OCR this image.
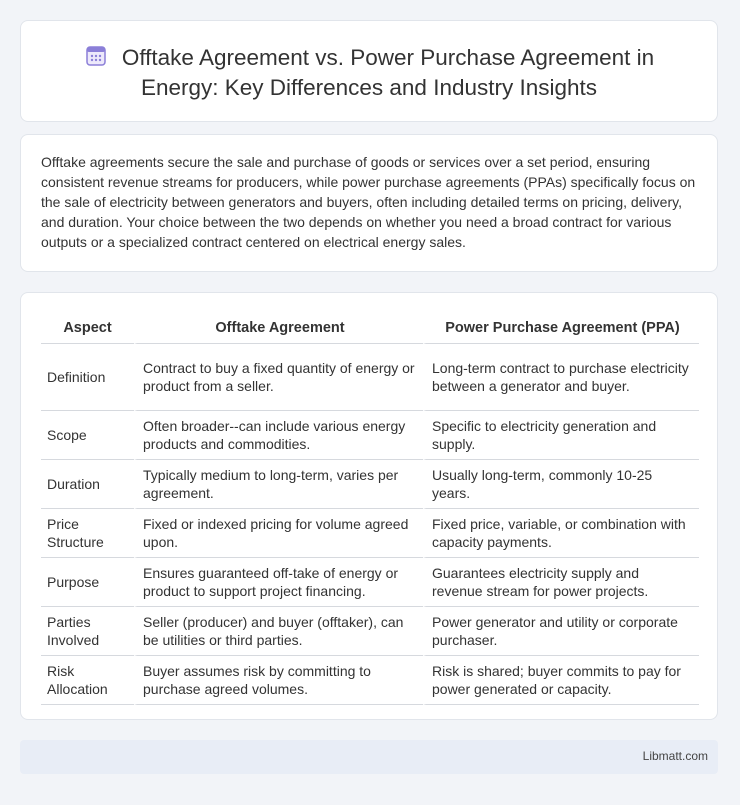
Offtake Agreement vs. Power Purchase Agreement in
Energy: Key Differences and Industry Insights

Offtake agreements secure the sale and purchase of goods or services over a set period, ensuring consistent revenue streams for producers, while power purchase agreements (PPAs) specifically focus on the sale of electricity between generators and buyers, often including detailed terms on pricing, delivery, and duration. Your choice between the two depends on whether you need a broad contract for various outputs or a specialized contract centered on electrical energy sales.

Aspect	Offtake Agreement	Power Purchase Agreement (PPA)
Definition	Contract to buy a fixed quantity of energy or product from a seller.	Long-term contract to purchase electricity between a generator and buyer.
Scope	Often broader--can include various energy products and commodities.	Specific to electricity generation and supply.
Duration	Typically medium to long-term, varies per agreement.	Usually long-term, commonly 10-25 years.
Price Structure	Fixed or indexed pricing for volume agreed upon.	Fixed price, variable, or combination with capacity payments.
Purpose	Ensures guaranteed off-take of energy or product to support project financing.	Guarantees electricity supply and revenue stream for power projects.
Parties Involved	Seller (producer) and buyer (offtaker), can be utilities or third parties.	Power generator and utility or corporate purchaser.
Risk Allocation	Buyer assumes risk by committing to purchase agreed volumes.	Risk is shared; buyer commits to pay for power generated or capacity.
Libmatt.com
